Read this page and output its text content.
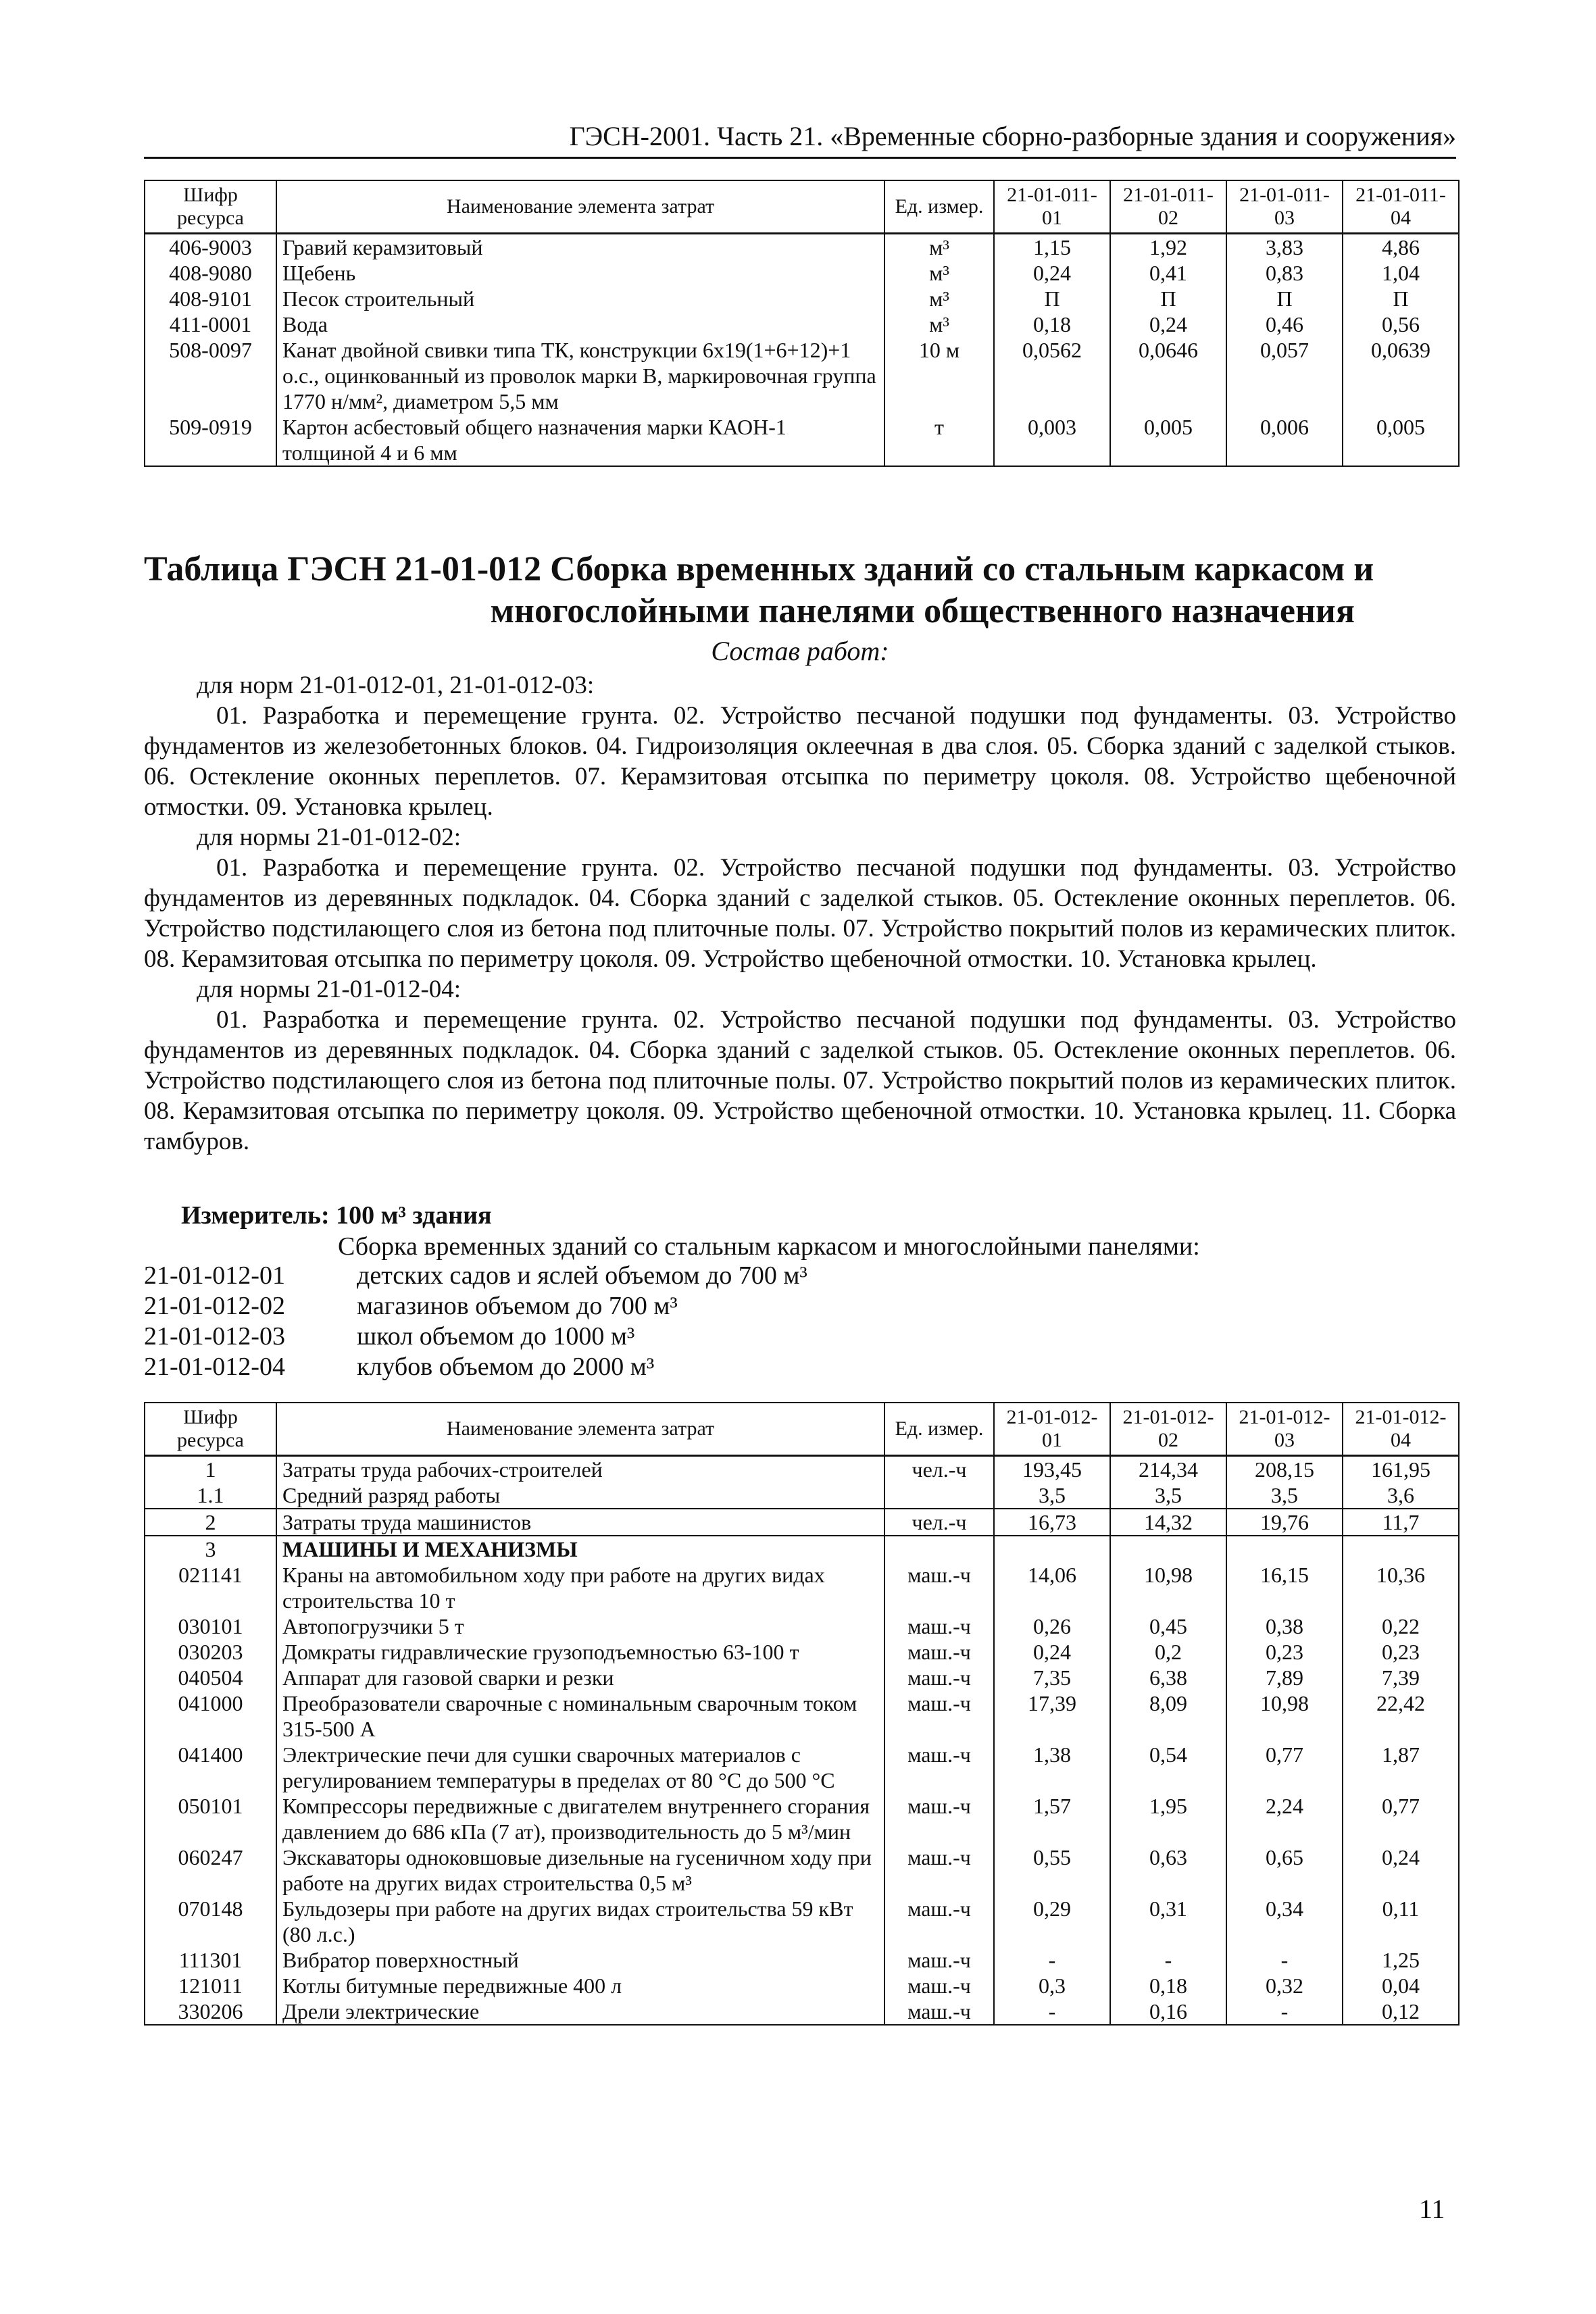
ГЭСН-2001. Часть 21. «Временные сборно-разборные здания и сооружения»
Шифр ресурса	Наименование элемента затрат	Ед. измер.	21-01-011-01	21-01-011-02	21-01-011-03	21-01-011-04
406-9003	Гравий керамзитовый	м³	1,15	1,92	3,83	4,86
408-9080	Щебень	м³	0,24	0,41	0,83	1,04
408-9101	Песок строительный	м³	П	П	П	П
411-0001	Вода	м³	0,18	0,24	0,46	0,56
508-0097	Канат двойной свивки типа ТК, конструкции 6х19(1+6+12)+1 о.с., оцинкованный из проволок марки В, маркировочная группа 1770 н/мм², диаметром 5,5 мм	10 м	0,0562	0,0646	0,057	0,0639
509-0919	Картон асбестовый общего назначения марки КАОН-1 толщиной 4 и 6 мм	т	0,003	0,005	0,006	0,005
Таблица ГЭСН 21-01-012 Сборка временных зданий со стальным каркасом и
многослойными панелями общественного назначения
Состав работ:

для норм 21-01-012-01, 21-01-012-03:

01. Разработка и перемещение грунта. 02. Устройство песчаной подушки под фундаменты. 03. Устройство фундаментов из железобетонных блоков. 04. Гидроизоляция оклеечная в два слоя. 05. Сборка зданий с заделкой стыков. 06. Остекление оконных переплетов. 07. Керамзитовая отсыпка по периметру цоколя. 08. Устройство щебеночной отмостки. 09. Установка крылец.

для нормы 21-01-012-02:

01. Разработка и перемещение грунта. 02. Устройство песчаной подушки под фундаменты. 03. Устройство фундаментов из деревянных подкладок. 04. Сборка зданий с заделкой стыков. 05. Остекление оконных переплетов. 06. Устройство подстилающего слоя из бетона под плиточные полы. 07. Устройство покрытий полов из керамических плиток. 08. Керамзитовая отсыпка по периметру цоколя. 09. Устройство щебеночной отмостки. 10. Установка крылец.

для нормы 21-01-012-04:

01. Разработка и перемещение грунта. 02. Устройство песчаной подушки под фундаменты. 03. Устройство фундаментов из деревянных подкладок. 04. Сборка зданий с заделкой стыков. 05. Остекление оконных переплетов. 06. Устройство подстилающего слоя из бетона под плиточные полы. 07. Устройство покрытий полов из керамических плиток. 08. Керамзитовая отсыпка по периметру цоколя. 09. Устройство щебеночной отмостки. 10. Установка крылец. 11. Сборка тамбуров.

Измеритель: 100 м³ здания
Сборка временных зданий со стальным каркасом и многослойными панелями:
21-01-012-01	детских садов и яслей объемом до 700 м³
21-01-012-02	магазинов объемом до 700 м³
21-01-012-03	школ объемом до 1000 м³
21-01-012-04	клубов объемом до 2000 м³
Шифр ресурса	Наименование элемента затрат	Ед. измер.	21-01-012-01	21-01-012-02	21-01-012-03	21-01-012-04
1	Затраты труда рабочих-строителей	чел.-ч	193,45	214,34	208,15	161,95
1.1	Средний разряд работы		3,5	3,5	3,5	3,6
2	Затраты труда машинистов	чел.-ч	16,73	14,32	19,76	11,7
3	МАШИНЫ И МЕХАНИЗМЫ					
021141	Краны на автомобильном ходу при работе на других видах строительства 10 т	маш.-ч	14,06	10,98	16,15	10,36
030101	Автопогрузчики 5 т	маш.-ч	0,26	0,45	0,38	0,22
030203	Домкраты гидравлические грузоподъемностью 63-100 т	маш.-ч	0,24	0,2	0,23	0,23
040504	Аппарат для газовой сварки и резки	маш.-ч	7,35	6,38	7,89	7,39
041000	Преобразователи сварочные с номинальным сварочным током 315-500 А	маш.-ч	17,39	8,09	10,98	22,42
041400	Электрические печи для сушки сварочных материалов с регулированием температуры в пределах от 80 °С до 500 °С	маш.-ч	1,38	0,54	0,77	1,87
050101	Компрессоры передвижные с двигателем внутреннего сгорания давлением до 686 кПа (7 ат), производительность до 5 м³/мин	маш.-ч	1,57	1,95	2,24	0,77
060247	Экскаваторы одноковшовые дизельные на гусеничном ходу при работе на других видах строительства 0,5 м³	маш.-ч	0,55	0,63	0,65	0,24
070148	Бульдозеры при работе на других видах строительства 59 кВт (80 л.с.)	маш.-ч	0,29	0,31	0,34	0,11
111301	Вибратор поверхностный	маш.-ч	-	-	-	1,25
121011	Котлы битумные передвижные 400 л	маш.-ч	0,3	0,18	0,32	0,04
330206	Дрели электрические	маш.-ч	-	0,16	-	0,12
11
